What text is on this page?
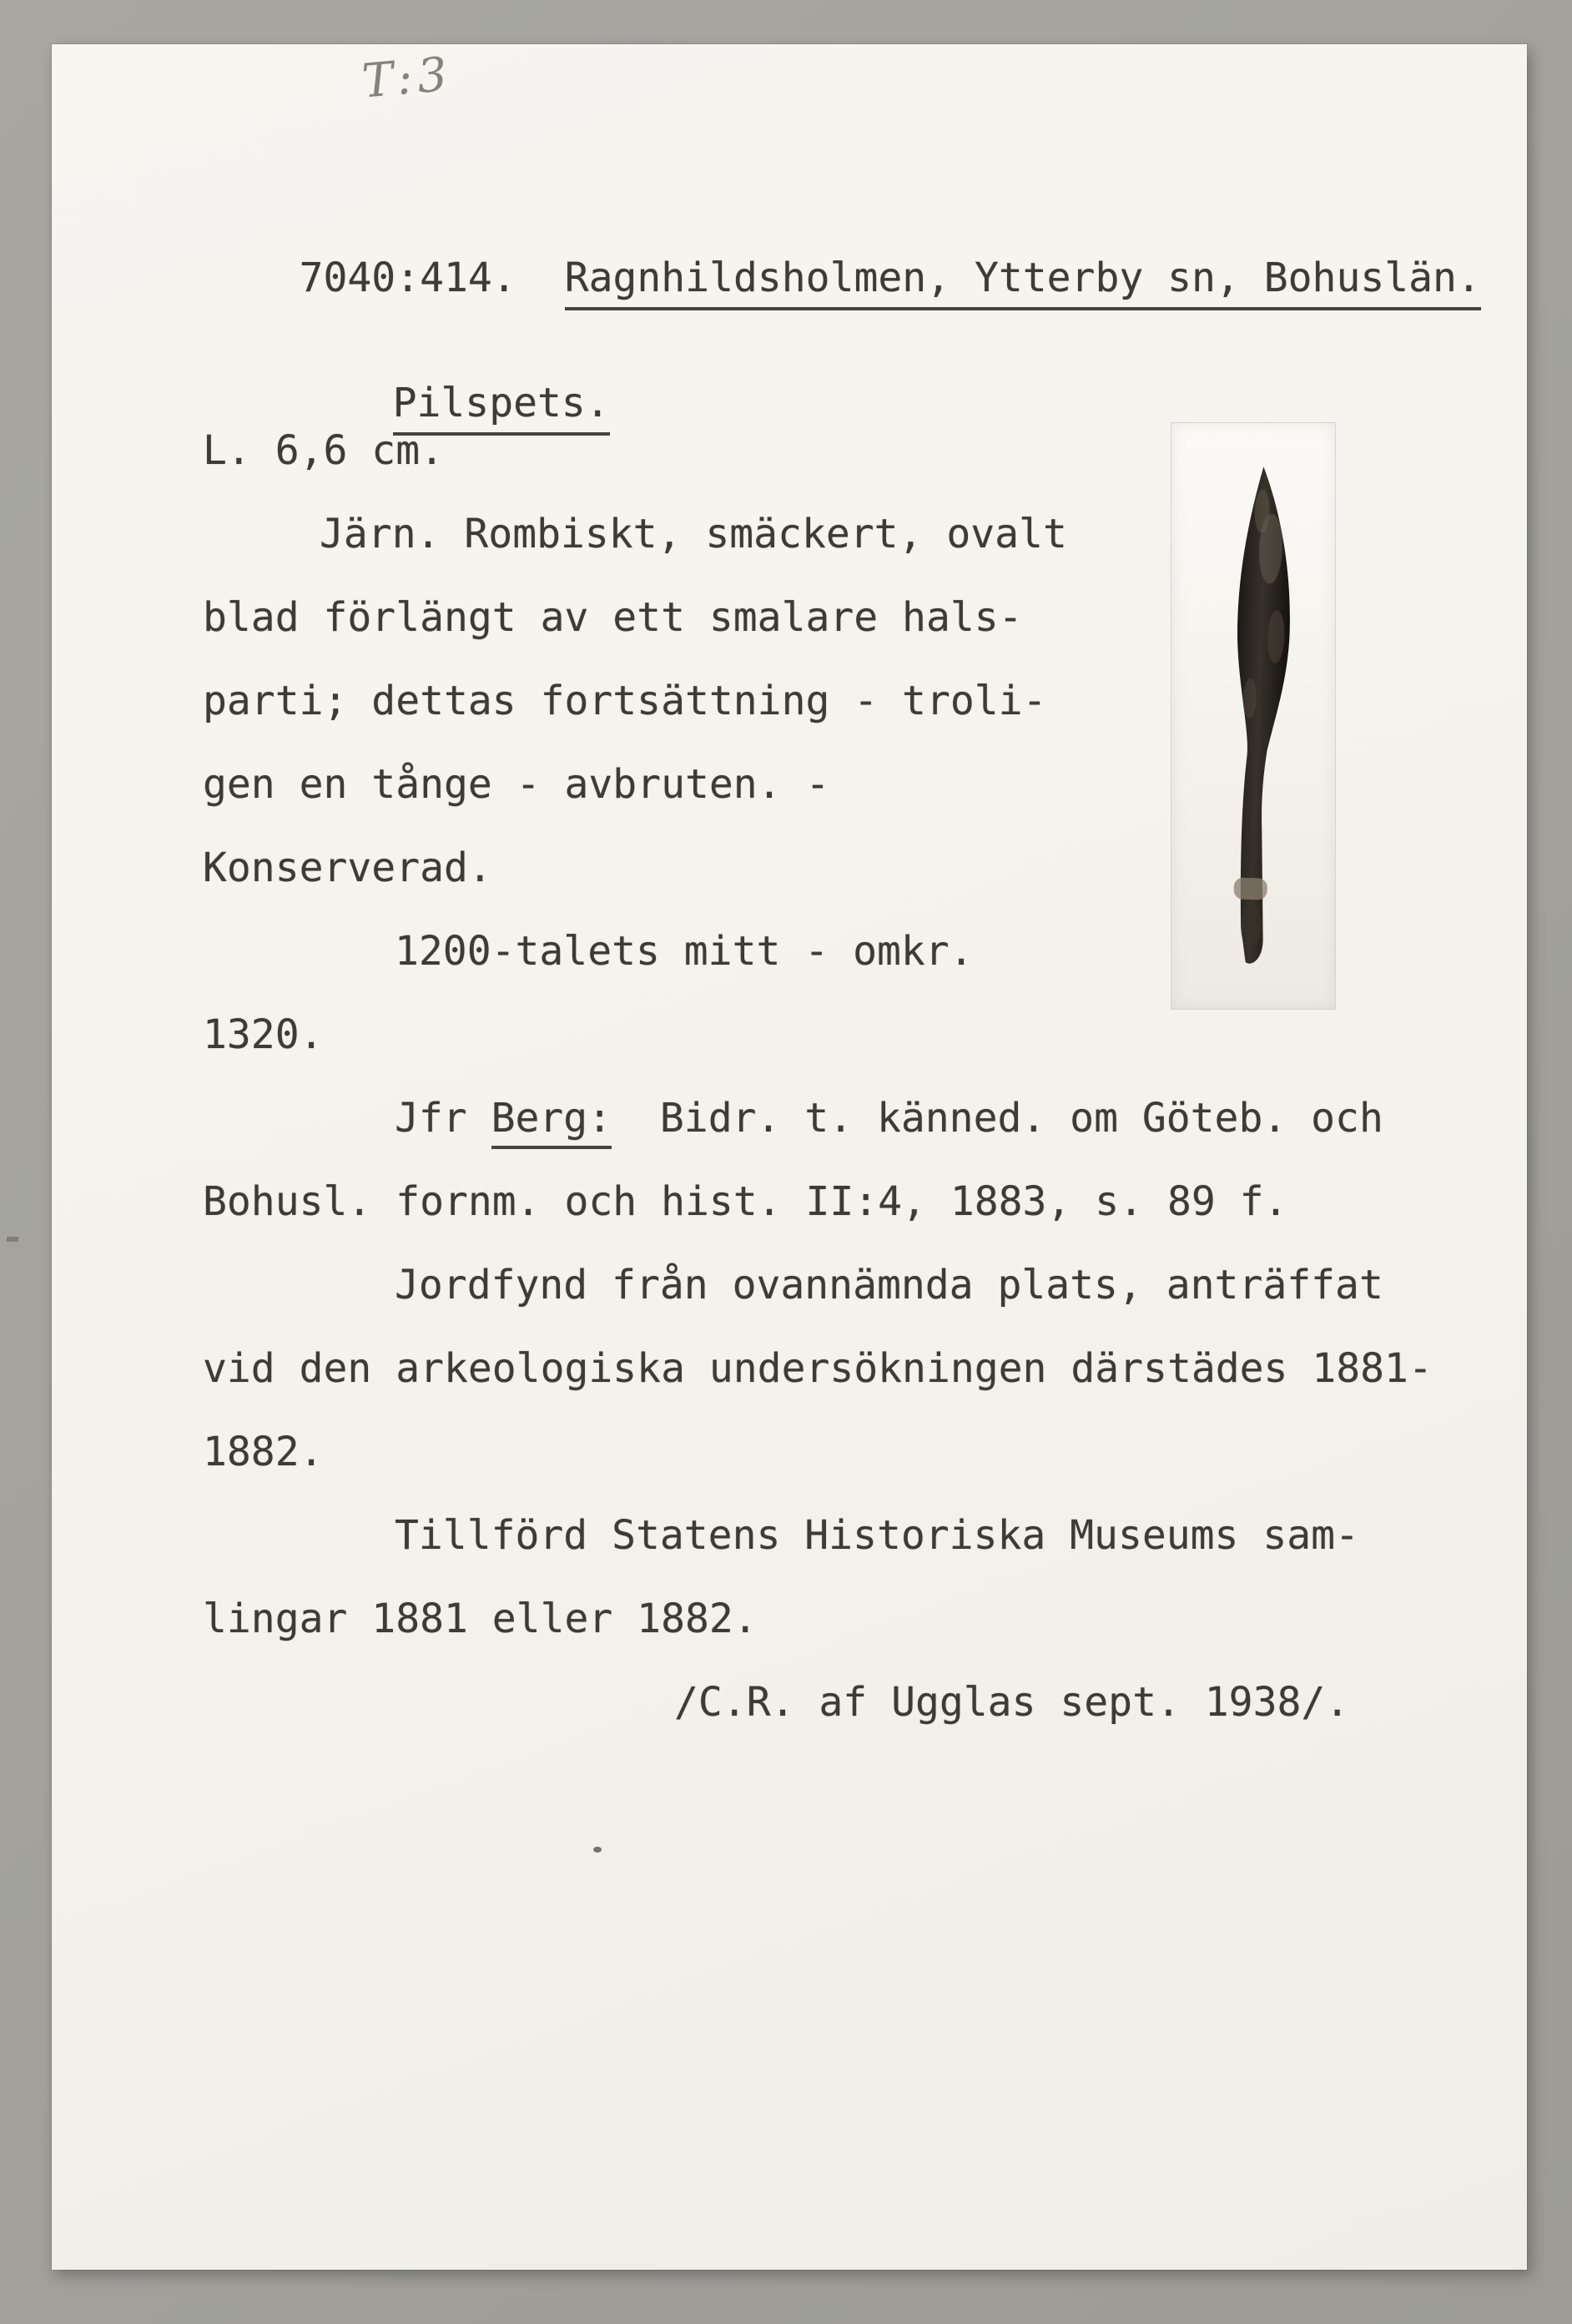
T:3

7040:414. Ragnhildsholmen, Ytterby sn, Bohuslän.

Pilspets.

L. 6,6 cm.
Järn. Rombiskt, smäckert, ovalt
blad förlängt av ett smalare hals-
parti; dettas fortsättning - troli-
gen en tånge - avbruten. -
Konserverad.
1200-talets mitt - omkr.
1320.
Jfr Berg:  Bidr. t. känned. om Göteb. och
Bohusl. fornm. och hist. II:4, 1883, s. 89 f.
Jordfynd från ovannämnda plats, anträffat
vid den arkeologiska undersökningen därstädes 1881-
1882.
Tillförd Statens Historiska Museums sam-
lingar 1881 eller 1882.
/C.R. af Ugglas sept. 1938/.
